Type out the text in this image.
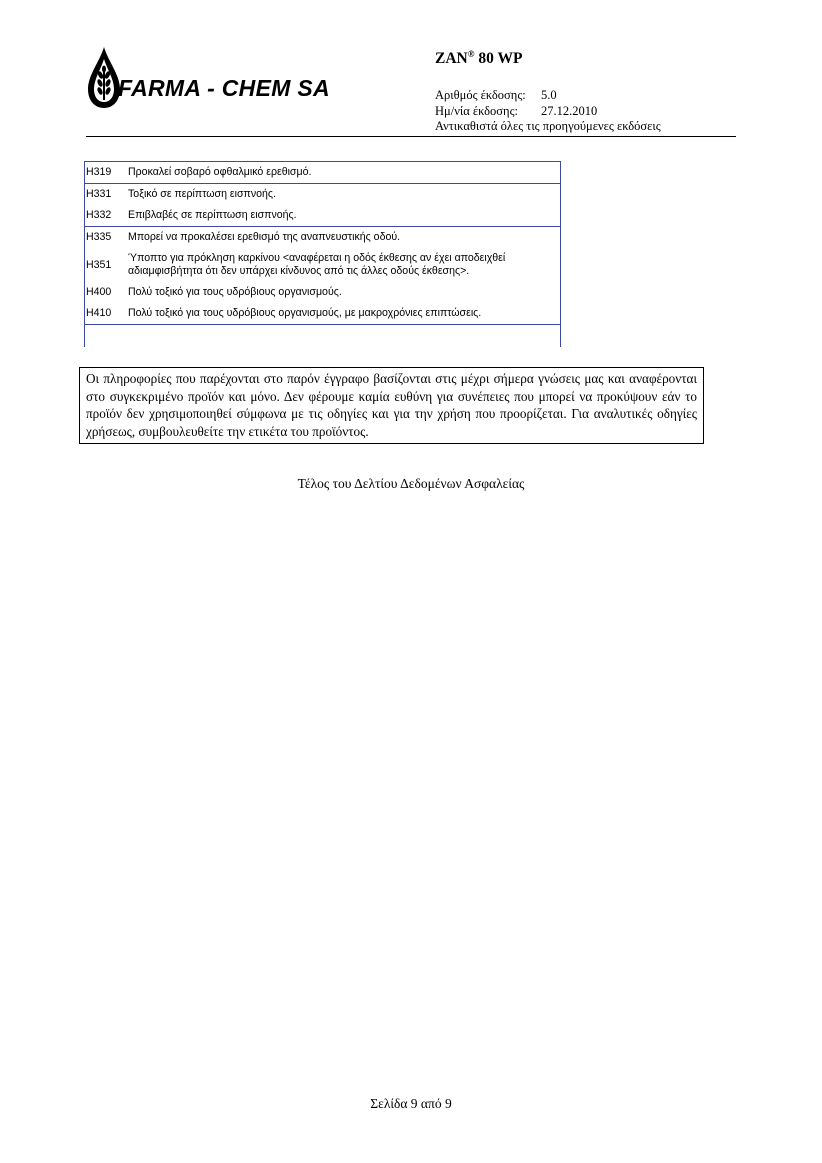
FARMA - CHEM SA
ZAN® 80 WP
Αριθμός έκδοσης: 5.0
Ημ/νία έκδοσης: 27.12.2010
Αντικαθιστά όλες τις προηγούμενες εκδόσεις
H319	Προκαλεί σοβαρό οφθαλμικό ερεθισμό.
H331	Τοξικό σε περίπτωση εισπνοής.
H332	Επιβλαβές σε περίπτωση εισπνοής.
H335	Μπορεί να προκαλέσει ερεθισμό της αναπνευστικής οδού.
H351	Ύποπτο για πρόκληση καρκίνου <αναφέρεται η οδός έκθεσης αν έχει αποδειχθεί αδιαμφισβήτητα ότι δεν υπάρχει κίνδυνος από τις άλλες οδούς έκθεσης>.
H400	Πολύ τοξικό για τους υδρόβιους οργανισμούς.
H410	Πολύ τοξικό για τους υδρόβιους οργανισμούς, με μακροχρόνιες επιπτώσεις.
Οι πληροφορίες που παρέχονται στο παρόν έγγραφο βασίζονται στις μέχρι σήμερα γνώσεις μας και αναφέρονται στο συγκεκριμένο προϊόν και μόνο. Δεν φέρουμε καμία ευθύνη για συνέπειες που μπορεί να προκύψουν εάν το προϊόν δεν χρησιμοποιηθεί σύμφωνα με τις οδηγίες και για την χρήση που προορίζεται. Για αναλυτικές οδηγίες χρήσεως, συμβουλευθείτε την ετικέτα του προϊόντος.
Τέλος του Δελτίου Δεδομένων Ασφαλείας
Σελίδα 9 από 9
